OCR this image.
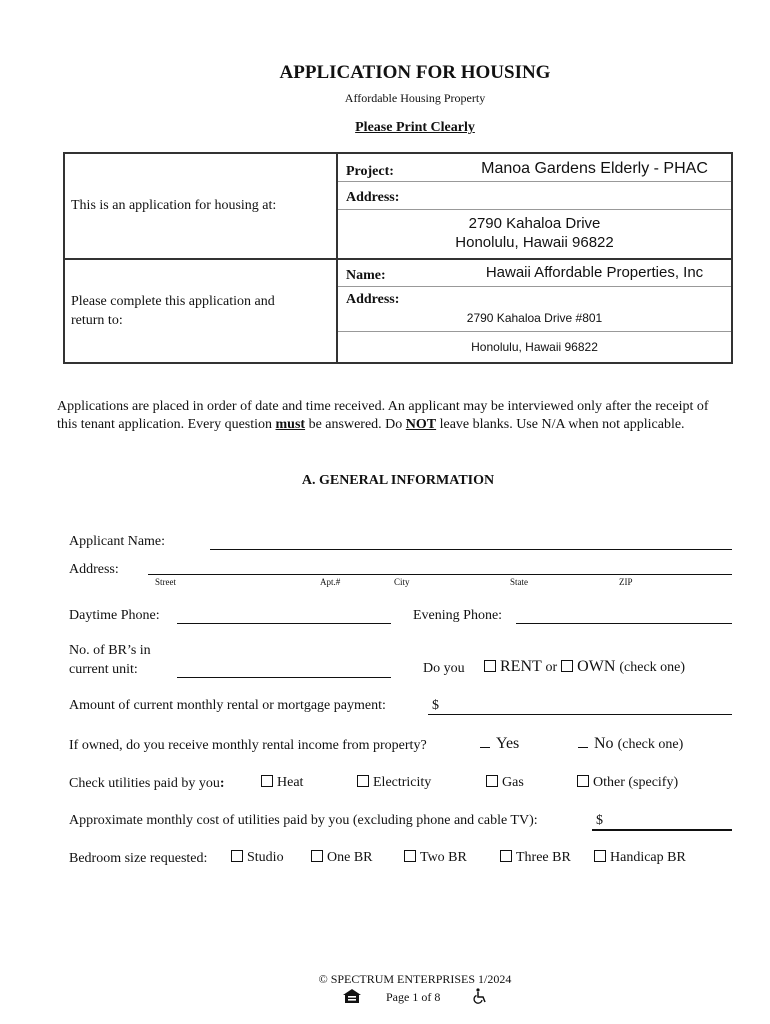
APPLICATION FOR HOUSING
Affordable Housing Property
Please Print Clearly
This is an application for housing at:	Project: Manoa Gardens Elderly - PHAC
Address:
2790 Kahaloa Drive
Honolulu, Hawaii 96822

Please complete this application and return to:	Name: Hawaii Affordable Properties, Inc
Address:
2790 Kahaloa Drive #801
Honolulu, Hawaii 96822
Applications are placed in order of date and time received. An applicant may be interviewed only after the receipt of this tenant application. Every question must be answered. Do NOT leave blanks. Use N/A when not applicable.
A. GENERAL INFORMATION
Applicant Name:
Address:
Street	Apt.#	City	State	ZIP
Daytime Phone:	Evening Phone:
No. of BR’s in
current unit:	Do you	RENT or OWN (check one)
Amount of current monthly rental or mortgage payment:	$
If owned, do you receive monthly rental income from property?	Yes	No (check one)
Check utilities paid by you:	Heat	Electricity	Gas	Other (specify)
Approximate monthly cost of utilities paid by you (excluding phone and cable TV):	$
Bedroom size requested:	Studio	One BR	Two BR	Three BR	Handicap BR
© SPECTRUM ENTERPRISES 1/2024
Page 1 of 8
